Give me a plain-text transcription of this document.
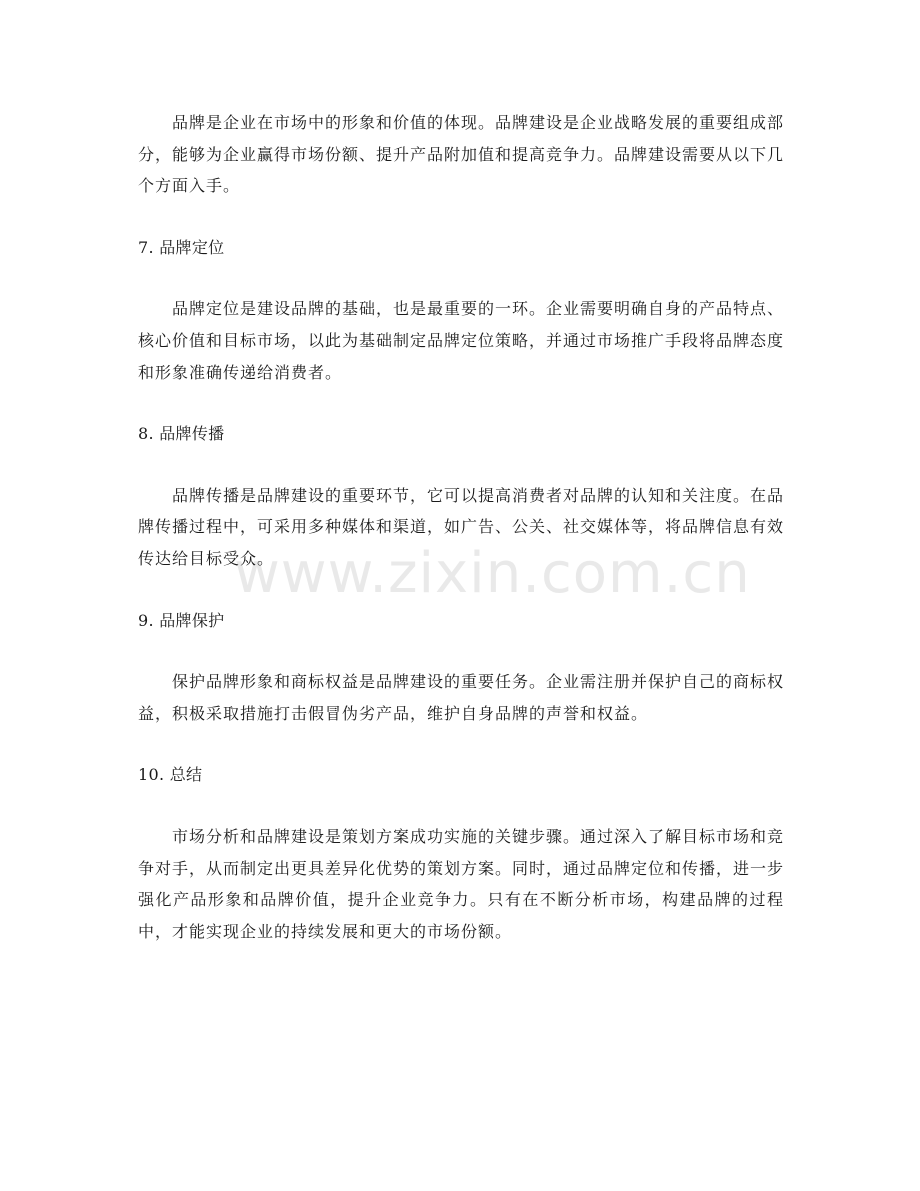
www.zixin.com.cn

品牌是企业在市场中的形象和价值的体现。品牌建设是企业战略发展的重要组成部分，能够为企业赢得市场份额、提升产品附加值和提高竞争力。品牌建设需要从以下几个方面入手。

7. 品牌定位

品牌定位是建设品牌的基础，也是最重要的一环。企业需要明确自身的产品特点、核心价值和目标市场，以此为基础制定品牌定位策略，并通过市场推广手段将品牌态度和形象准确传递给消费者。

8. 品牌传播

品牌传播是品牌建设的重要环节，它可以提高消费者对品牌的认知和关注度。在品牌传播过程中，可采用多种媒体和渠道，如广告、公关、社交媒体等，将品牌信息有效传达给目标受众。

9. 品牌保护

保护品牌形象和商标权益是品牌建设的重要任务。企业需注册并保护自己的商标权益，积极采取措施打击假冒伪劣产品，维护自身品牌的声誉和权益。

10. 总结

市场分析和品牌建设是策划方案成功实施的关键步骤。通过深入了解目标市场和竞争对手，从而制定出更具差异化优势的策划方案。同时，通过品牌定位和传播，进一步强化产品形象和品牌价值，提升企业竞争力。只有在不断分析市场，构建品牌的过程中，才能实现企业的持续发展和更大的市场份额。
